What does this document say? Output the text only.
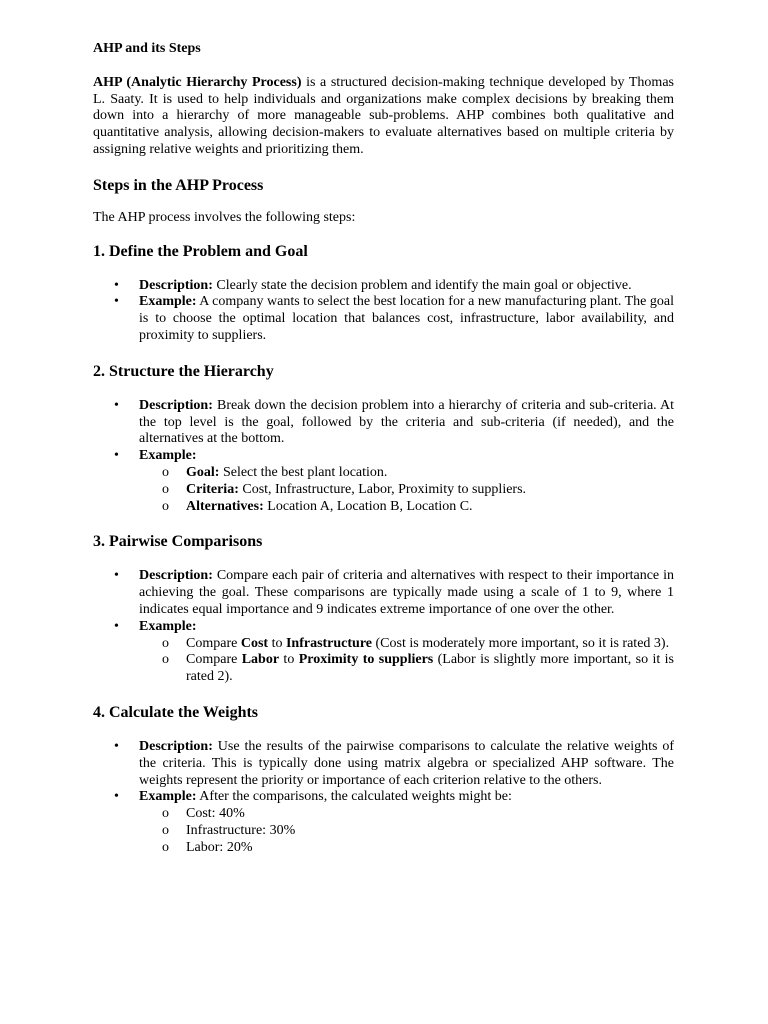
AHP and its Steps

AHP (Analytic Hierarchy Process) is a structured decision-making technique developed by Thomas L. Saaty. It is used to help individuals and organizations make complex decisions by breaking them down into a hierarchy of more manageable sub-problems. AHP combines both qualitative and quantitative analysis, allowing decision-makers to evaluate alternatives based on multiple criteria by assigning relative weights and prioritizing them.

Steps in the AHP Process

The AHP process involves the following steps:

1. Define the Problem and Goal
• Description: Clearly state the decision problem and identify the main goal or objective.
• Example: A company wants to select the best location for a new manufacturing plant. The goal is to choose the optimal location that balances cost, infrastructure, labor availability, and proximity to suppliers.
2. Structure the Hierarchy
• Description: Break down the decision problem into a hierarchy of criteria and sub-criteria. At the top level is the goal, followed by the criteria and sub-criteria (if needed), and the alternatives at the bottom.
• Example:
o Goal: Select the best plant location.
o Criteria: Cost, Infrastructure, Labor, Proximity to suppliers.
o Alternatives: Location A, Location B, Location C.
3. Pairwise Comparisons
• Description: Compare each pair of criteria and alternatives with respect to their importance in achieving the goal. These comparisons are typically made using a scale of 1 to 9, where 1 indicates equal importance and 9 indicates extreme importance of one over the other.
• Example:
o Compare Cost to Infrastructure (Cost is moderately more important, so it is rated 3).
o Compare Labor to Proximity to suppliers (Labor is slightly more important, so it is rated 2).
4. Calculate the Weights
• Description: Use the results of the pairwise comparisons to calculate the relative weights of the criteria. This is typically done using matrix algebra or specialized AHP software. The weights represent the priority or importance of each criterion relative to the others.
• Example: After the comparisons, the calculated weights might be:
o Cost: 40%
o Infrastructure: 30%
o Labor: 20%
